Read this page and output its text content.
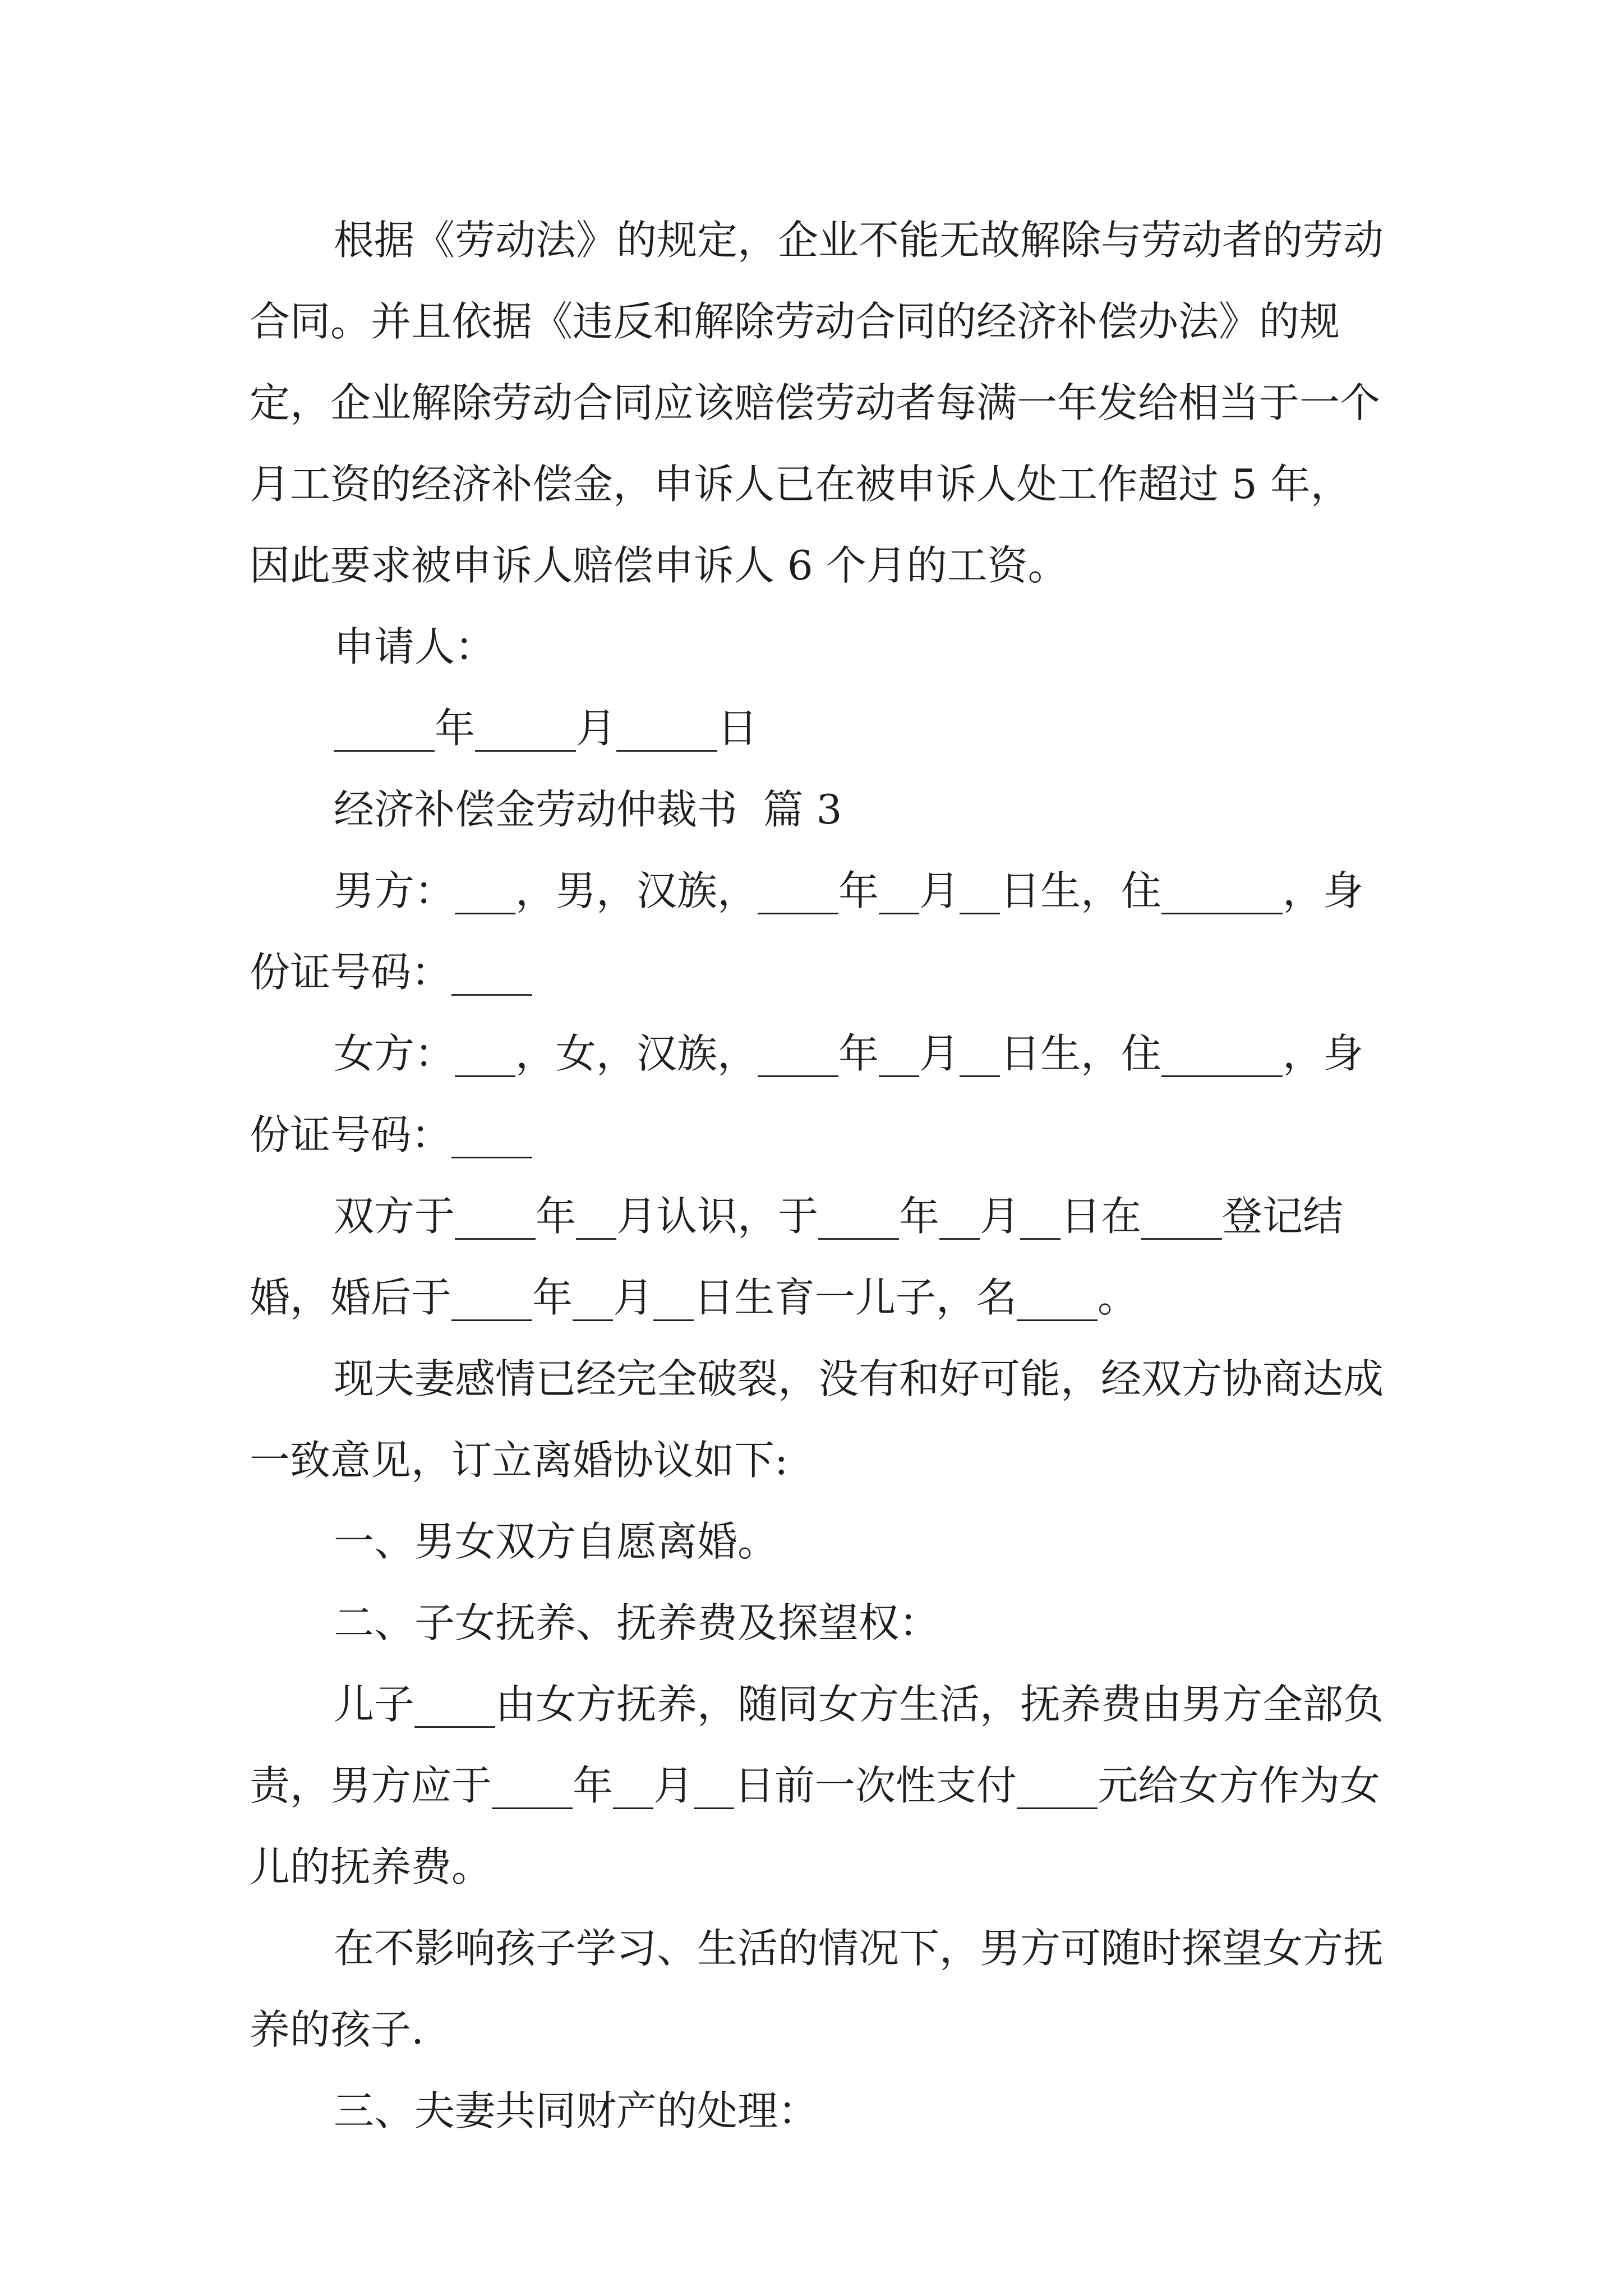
根据《劳动法》的规定，企业不能无故解除与劳动者的劳动合同。并且依据《违反和解除劳动合同的经济补偿办法》的规定，企业解除劳动合同应该赔偿劳动者每满一年发给相当于一个月工资的经济补偿金，申诉人已在被申诉人处工作超过 5 年，因此要求被申诉人赔偿申诉人 6 个月的工资。

申请人：

_____年_____月_____日

经济补偿金劳动仲裁书  篇 3

男方：___，男，汉族，____年__月__日生，住______，身份证号码：____

女方：___，女，汉族，____年__月__日生，住______，身份证号码：____

双方于____年__月认识，于____年__月__日在____登记结婚，婚后于____年__月__日生育一儿子，名____。

现夫妻感情已经完全破裂，没有和好可能，经双方协商达成一致意见，订立离婚协议如下:

一、男女双方自愿离婚。

二、子女抚养、抚养费及探望权：

儿子____由女方抚养，随同女方生活，抚养费由男方全部负责，男方应于____年__月__日前一次性支付____元给女方作为女儿的抚养费。

在不影响孩子学习、生活的情况下，男方可随时探望女方抚养的孩子.

三、夫妻共同财产的处理：
